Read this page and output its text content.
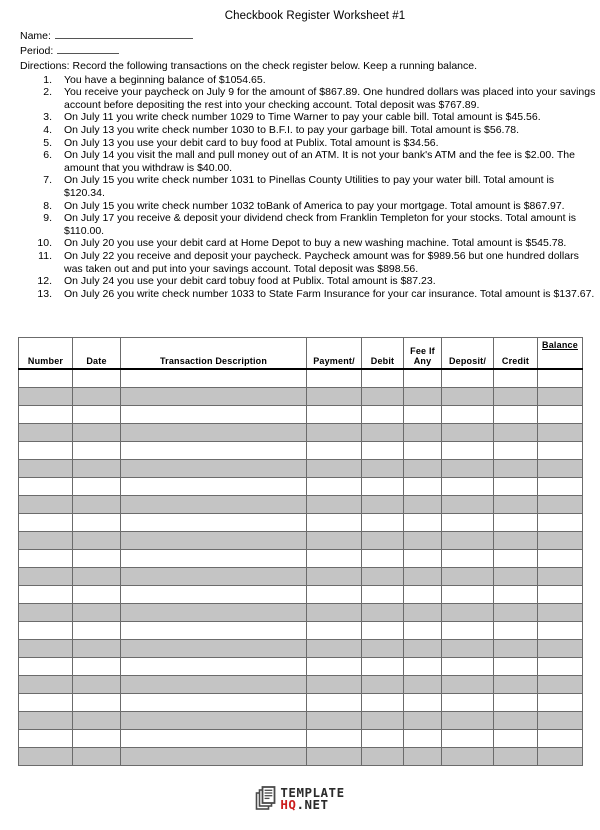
Checkbook Register Worksheet #1
Name:
Period:
Directions: Record the following transactions on the check register below. Keep a running balance.
1. You have a beginning balance of $1054.65.
2. You receive your paycheck on July 9 for the amount of $867.89. One hundred dollars was placed into your savings account before depositing the rest into your checking account. Total deposit was $767.89.
3. On July 11 you write check number 1029 to Time Warner to pay your cable bill. Total amount is $45.56.
4. On July 13 you write check number 1030 to B.F.I. to pay your garbage bill. Total amount is $56.78.
5. On July 13 you use your debit card to buy food at Publix. Total amount is $34.56.
6. On July 14 you visit the mall and pull money out of an ATM. It is not your bank's ATM and the fee is $2.00. The amount that you withdraw is $40.00.
7. On July 15 you write check number 1031 to Pinellas County Utilities to pay your water bill. Total amount is $120.34.
8. On July 15 you write check number 1032 toBank of America to pay your mortgage. Total amount is $867.97.
9. On July 17 you receive & deposit your dividend check from Franklin Templeton for your stocks. Total amount is $110.00.
10. On July 20 you use your debit card at Home Depot to buy a new washing machine. Total amount is $545.78.
11. On July 22 you receive and deposit your paycheck. Paycheck amount was for $989.56 but one hundred dollars was taken out and put into your savings account. Total deposit was $898.56.
12. On July 24 you use your debit card tobuy food at Publix. Total amount is $87.23.
13. On July 26 you write check number 1033 to State Farm Insurance for your car insurance. Total amount is $137.67.
Number	Date	Transaction Description	Payment/	Debit	Fee If Any	Deposit/	Credit	Balance

TEMPLATE
HQ.NET
